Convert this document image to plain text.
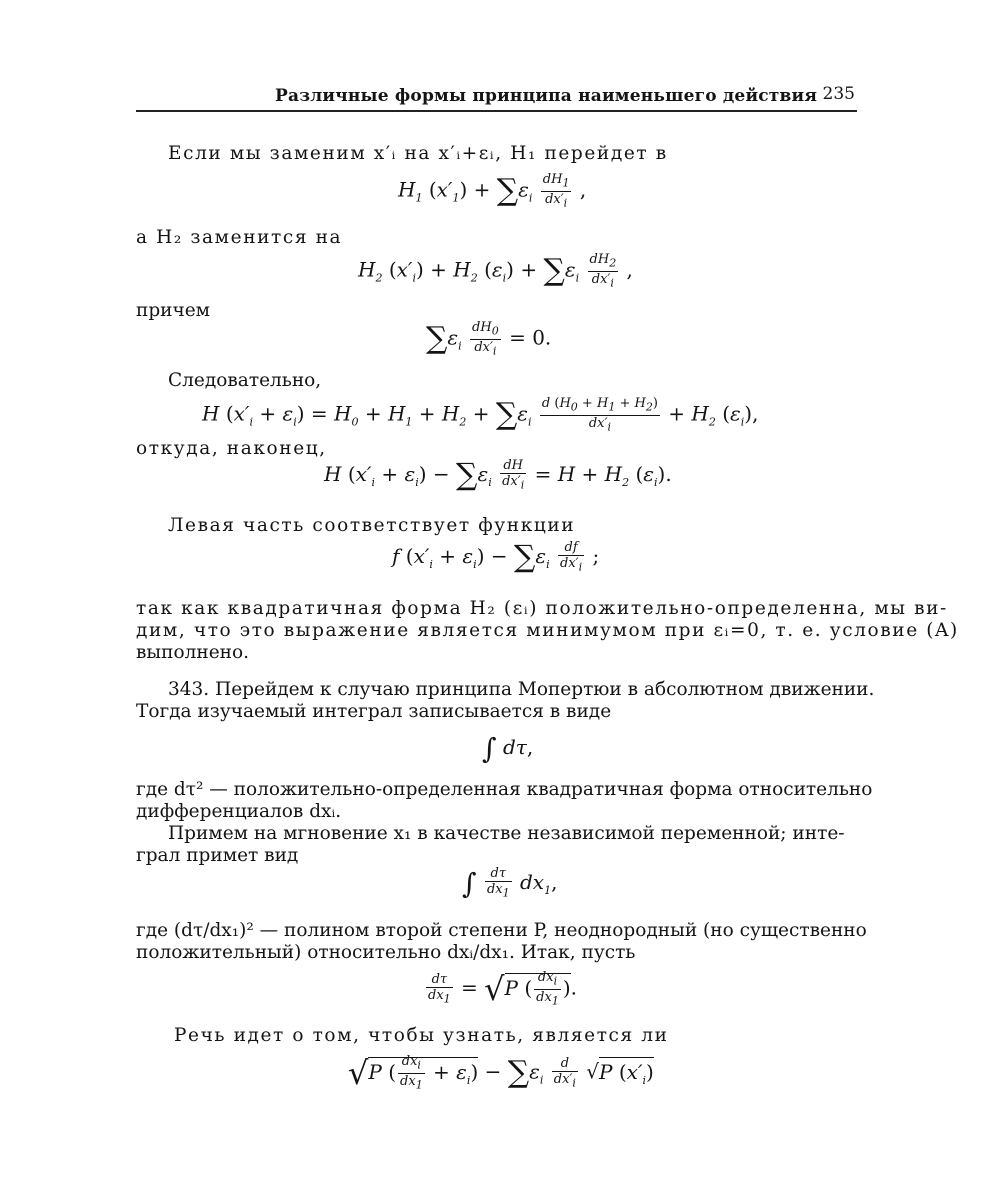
Различные формы принципа наименьшего действия 235
Если мы заменим x′ᵢ на x′ᵢ+εᵢ, H₁ перейдет в
$H_1$ $(x'_1) + \sum\varepsilon_i \frac{dH_1}{dx'_i}$ ,
а H₂ заменится на
$H_2$ $(x'_i) + H_2$ $(\varepsilon_i) + \sum\varepsilon_i \frac{dH_2}{dx'_i}$ ,
причем
$\sum\varepsilon_i \frac{dH_0}{dx'_i} = 0$.
Следовательно,
H $(x'_i + \varepsilon_i) = H_0 + H_1 + H_2 + \sum\varepsilon_i \frac{d (H_0 + H_1 + H_2)}{dx'_i} + H_2$ $(\varepsilon_i)$,
откуда, наконец,
H $(x'_i + \varepsilon_i) - \sum\varepsilon_i \frac{dH}{dx'_i} = H + H_2$ $(\varepsilon_i)$.
Левая часть соответствует функции
f $(x'_i + \varepsilon_i) - \sum\varepsilon_i \frac{df}{dx'_i}$ ;
так как квадратичная форма H₂ (εᵢ) положительно-определенна, мы ви-
дим, что это выражение является минимумом при εᵢ=0, т. е. условие (A)
выполнено.
343. Перейдем к случаю принципа Мопертюи в абсолютном движении.
Тогда изучаемый интеграл записывается в виде
∫ dτ,
где dτ² — положительно-определенная квадратичная форма относительно
дифференциалов dxᵢ.
Примем на мгновение x₁ в качестве независимой переменной; инте-
грал примет вид
∫ $\frac{d\tau}{dx_1} dx_1$,
где (dτ/dx₁)² — полином второй степени P, неоднородный (но существенно
положительный) относительно dxᵢ/dx₁. Итак, пусть
$\frac{d\tau}{dx_1} = √P$ ( $\frac{dx_i}{dx_1}$ ).
Речь идет о том, чтобы узнать, является ли
√P ( $\frac{dx_i}{dx_1} + \varepsilon_i) - \sum\varepsilon_i \frac{d}{dx'_i} √P$ $(x'_i)$
